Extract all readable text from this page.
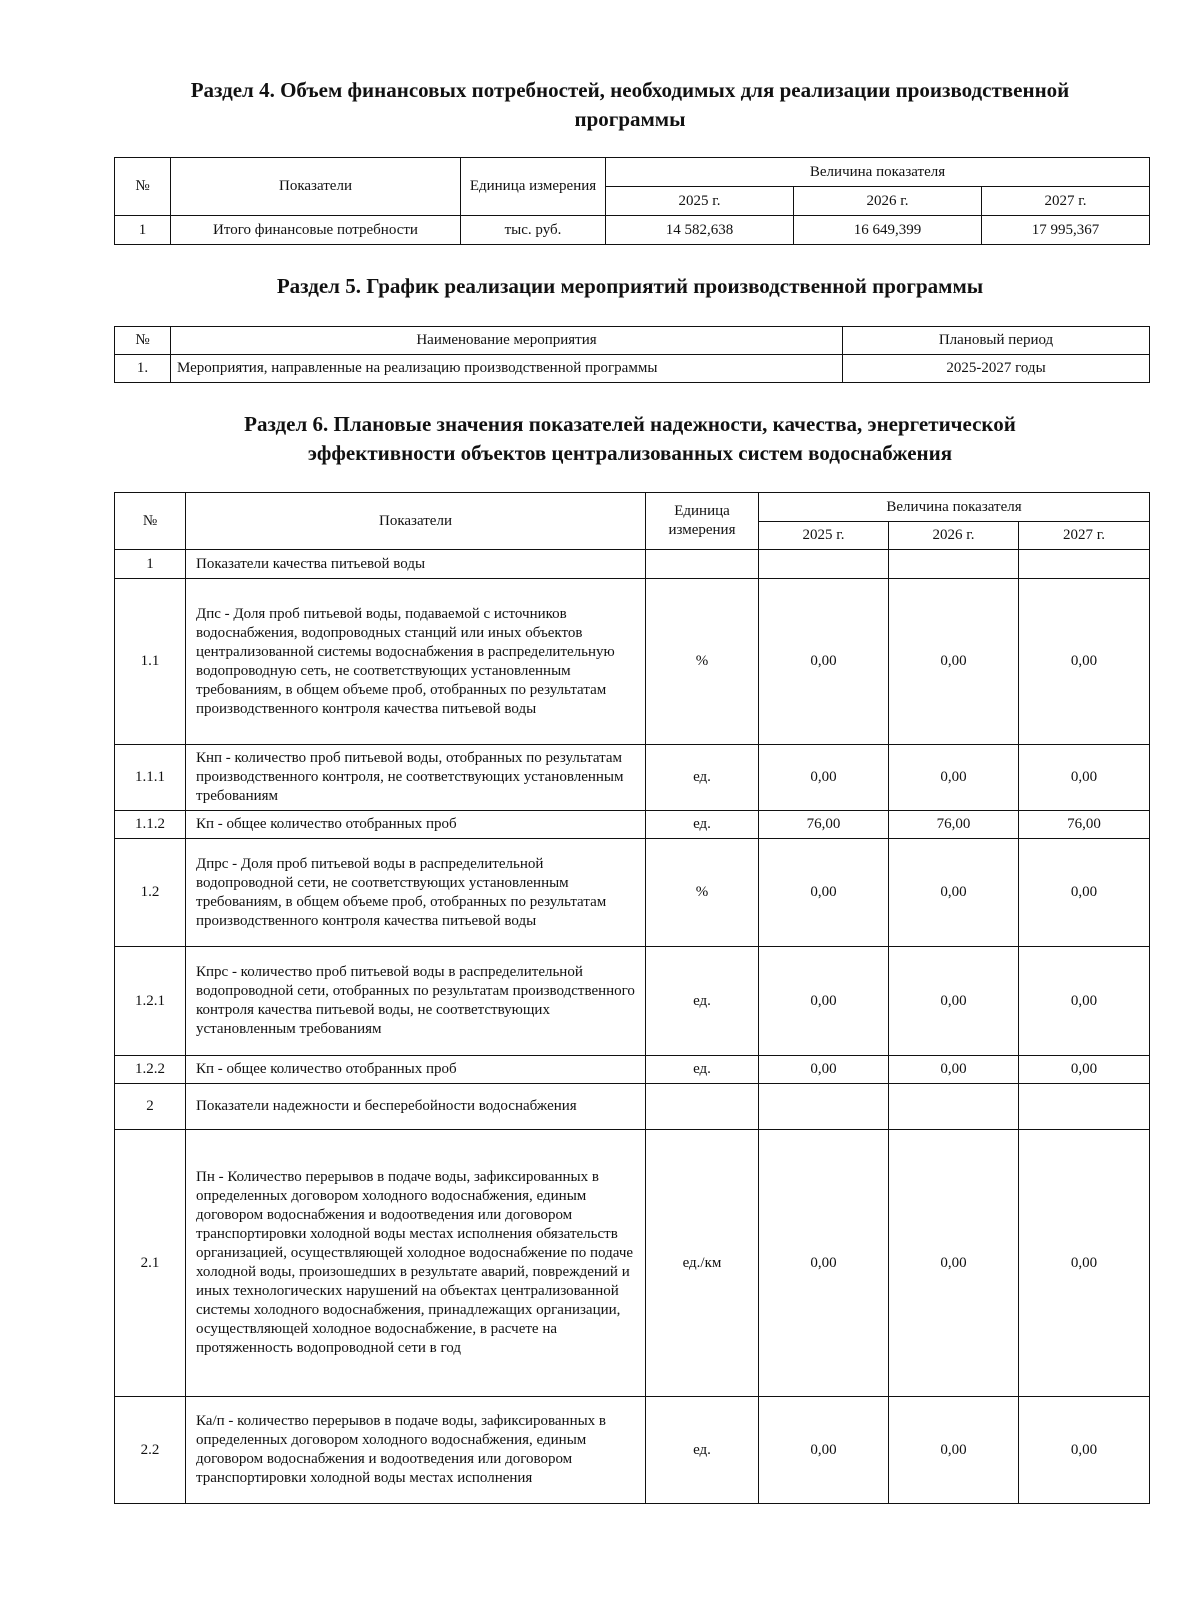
Раздел 4. Объем финансовых потребностей, необходимых для реализации производственной
программы
№	Показатели	Единица измерения	Величина показателя		
			2025 г.	2026 г.	2027 г.
1	Итого финансовые потребности	тыс. руб.	14 582,638	16 649,399	17 995,367
Раздел 5. График реализации мероприятий производственной программы
№	Наименование мероприятия	Плановый период
1.	Мероприятия, направленные на реализацию производственной программы	2025-2027 годы
Раздел 6. Плановые значения показателей надежности, качества, энергетической
эффективности объектов централизованных систем водоснабжения
№	Показатели	Единица измерения	Величина показателя		
			2025 г.	2026 г.	2027 г.
1	Показатели качества питьевой воды				
1.1	Дпс - Доля проб питьевой воды, подаваемой с источников водоснабжения, водопроводных станций или иных объектов централизованной системы водоснабжения в распределительную водопроводную сеть, не соответствующих установленным требованиям, в общем объеме проб, отобранных по результатам производственного контроля качества питьевой воды	%	0,00	0,00	0,00
1.1.1	Кнп - количество проб питьевой воды, отобранных по результатам производственного контроля, не соответствующих установленным требованиям	ед.	0,00	0,00	0,00
1.1.2	Кп - общее количество отобранных проб	ед.	76,00	76,00	76,00
1.2	Дпрс - Доля проб питьевой воды в распределительной водопроводной сети, не соответствующих установленным требованиям, в общем объеме проб, отобранных по результатам производственного контроля качества питьевой воды	%	0,00	0,00	0,00
1.2.1	Кпрс - количество проб питьевой воды в распределительной водопроводной сети, отобранных по результатам производственного контроля качества питьевой воды, не соответствующих установленным требованиям	ед.	0,00	0,00	0,00
1.2.2	Кп - общее количество отобранных проб	ед.	0,00	0,00	0,00
2	Показатели надежности и бесперебойности водоснабжения				
2.1	Пн - Количество перерывов в подаче воды, зафиксированных в определенных договором холодного водоснабжения, единым договором водоснабжения и водоотведения или договором транспортировки холодной воды местах исполнения обязательств организацией, осуществляющей холодное водоснабжение по подаче холодной воды, произошедших в результате аварий, повреждений и иных технологических нарушений на объектах централизованной системы холодного водоснабжения, принадлежащих организации, осуществляющей холодное водоснабжение, в расчете на протяженность водопроводной сети в год	ед./км	0,00	0,00	0,00
2.2	Ка/п - количество перерывов в подаче воды, зафиксированных в определенных договором холодного водоснабжения, единым договором водоснабжения и водоотведения или договором транспортировки холодной воды местах исполнения	ед.	0,00	0,00	0,00
